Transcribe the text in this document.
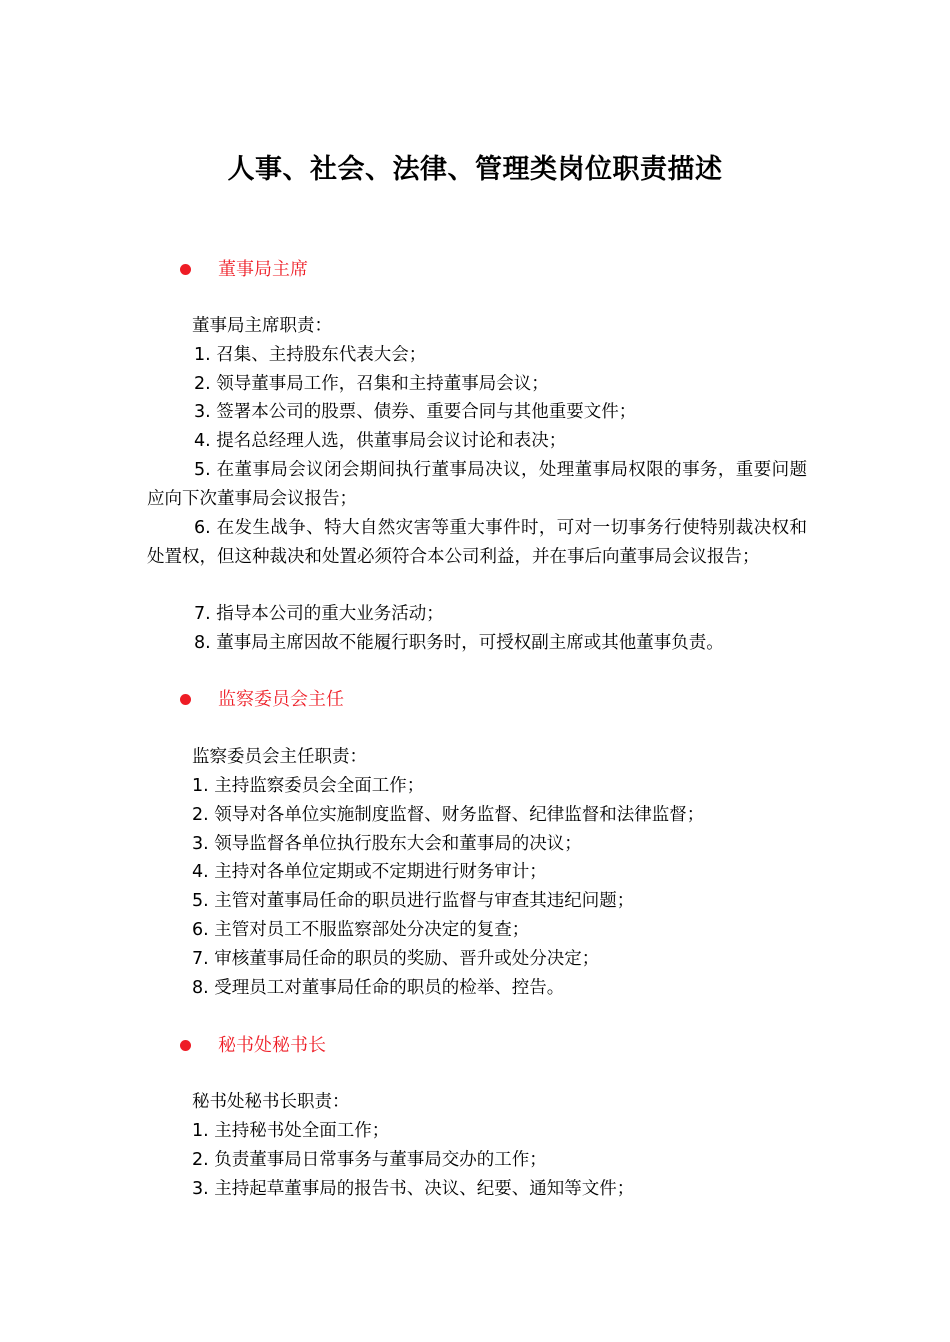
人事、社会、法律、管理类岗位职责描述
董事局主席
董事局主席职责：
1. 召集、主持股东代表大会；
2. 领导董事局工作，召集和主持董事局会议；
3. 签署本公司的股票、债券、重要合同与其他重要文件；
4. 提名总经理人选，供董事局会议讨论和表决；
5. 在董事局会议闭会期间执行董事局决议，处理董事局权限的事务，重要问题应向下次董事局会议报告；
6. 在发生战争、特大自然灾害等重大事件时，可对一切事务行使特别裁决权和处置权，但这种裁决和处置必须符合本公司利益，并在事后向董事局会议报告；
7. 指导本公司的重大业务活动；
8. 董事局主席因故不能履行职务时，可授权副主席或其他董事负责。
监察委员会主任
监察委员会主任职责：
1. 主持监察委员会全面工作；
2. 领导对各单位实施制度监督、财务监督、纪律监督和法律监督；
3. 领导监督各单位执行股东大会和董事局的决议；
4. 主持对各单位定期或不定期进行财务审计；
5. 主管对董事局任命的职员进行监督与审查其违纪问题；
6. 主管对员工不服监察部处分决定的复查；
7. 审核董事局任命的职员的奖励、晋升或处分决定；
8. 受理员工对董事局任命的职员的检举、控告。
秘书处秘书长
秘书处秘书长职责：
1. 主持秘书处全面工作；
2. 负责董事局日常事务与董事局交办的工作；
3. 主持起草董事局的报告书、决议、纪要、通知等文件；
